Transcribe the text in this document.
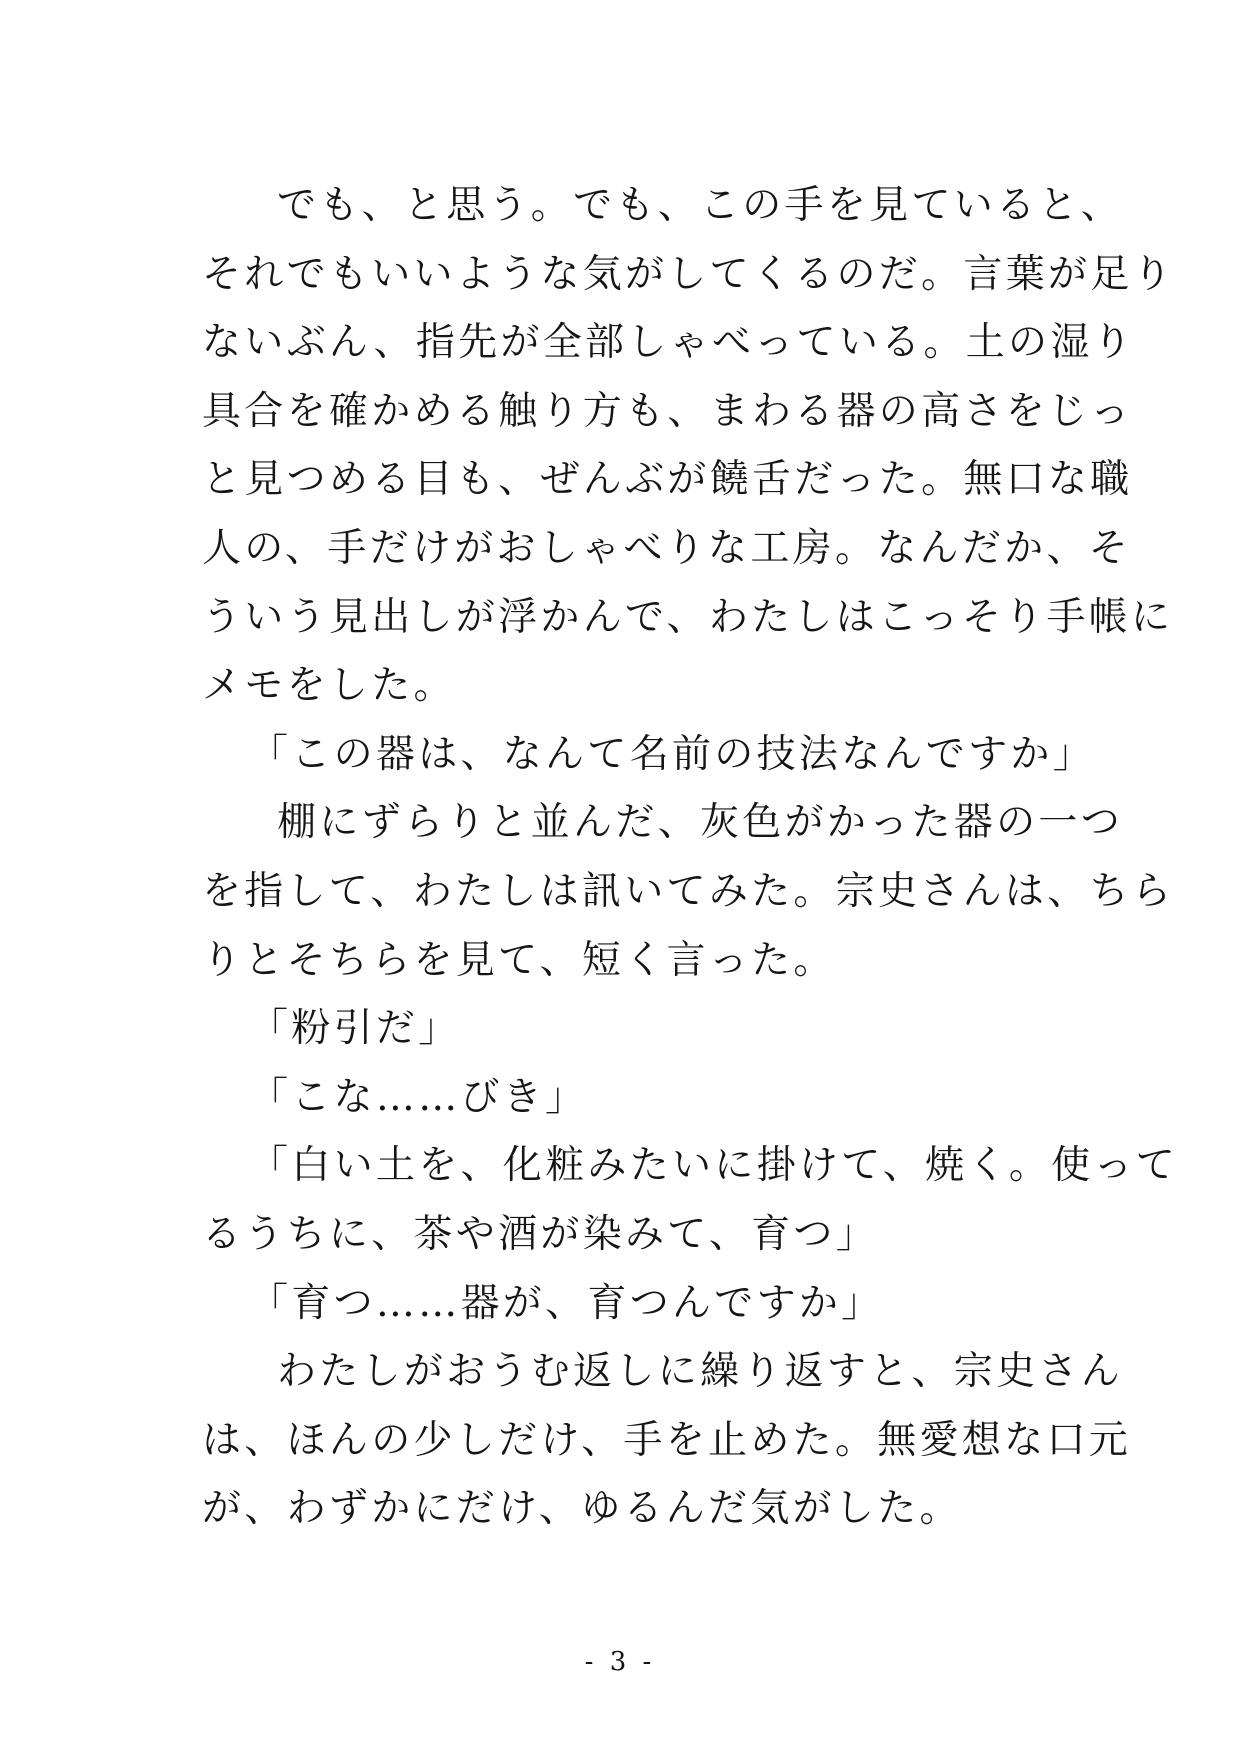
でも、と思う。でも、この手を見ていると、
それでもいいような気がしてくるのだ。言葉が足り
ないぶん、指先が全部しゃべっている。土の湿り
具合を確かめる触り方も、まわる器の高さをじっ
と見つめる目も、ぜんぶが饒舌だった。無口な職
人の、手だけがおしゃべりな工房。なんだか、そ
ういう見出しが浮かんで、わたしはこっそり手帳に
メモをした。
「この器は、なんて名前の技法なんですか」
棚にずらりと並んだ、灰色がかった器の一つ
を指して、わたしは訊いてみた。宗史さんは、ちら
りとそちらを見て、短く言った。
「粉引だ」
「こな……びき」
「白い土を、化粧みたいに掛けて、焼く。使って
るうちに、茶や酒が染みて、育つ」
「育つ……器が、育つんですか」
わたしがおうむ返しに繰り返すと、宗史さん
は、ほんの少しだけ、手を止めた。無愛想な口元
が、わずかにだけ、ゆるんだ気がした。
- 3 -
